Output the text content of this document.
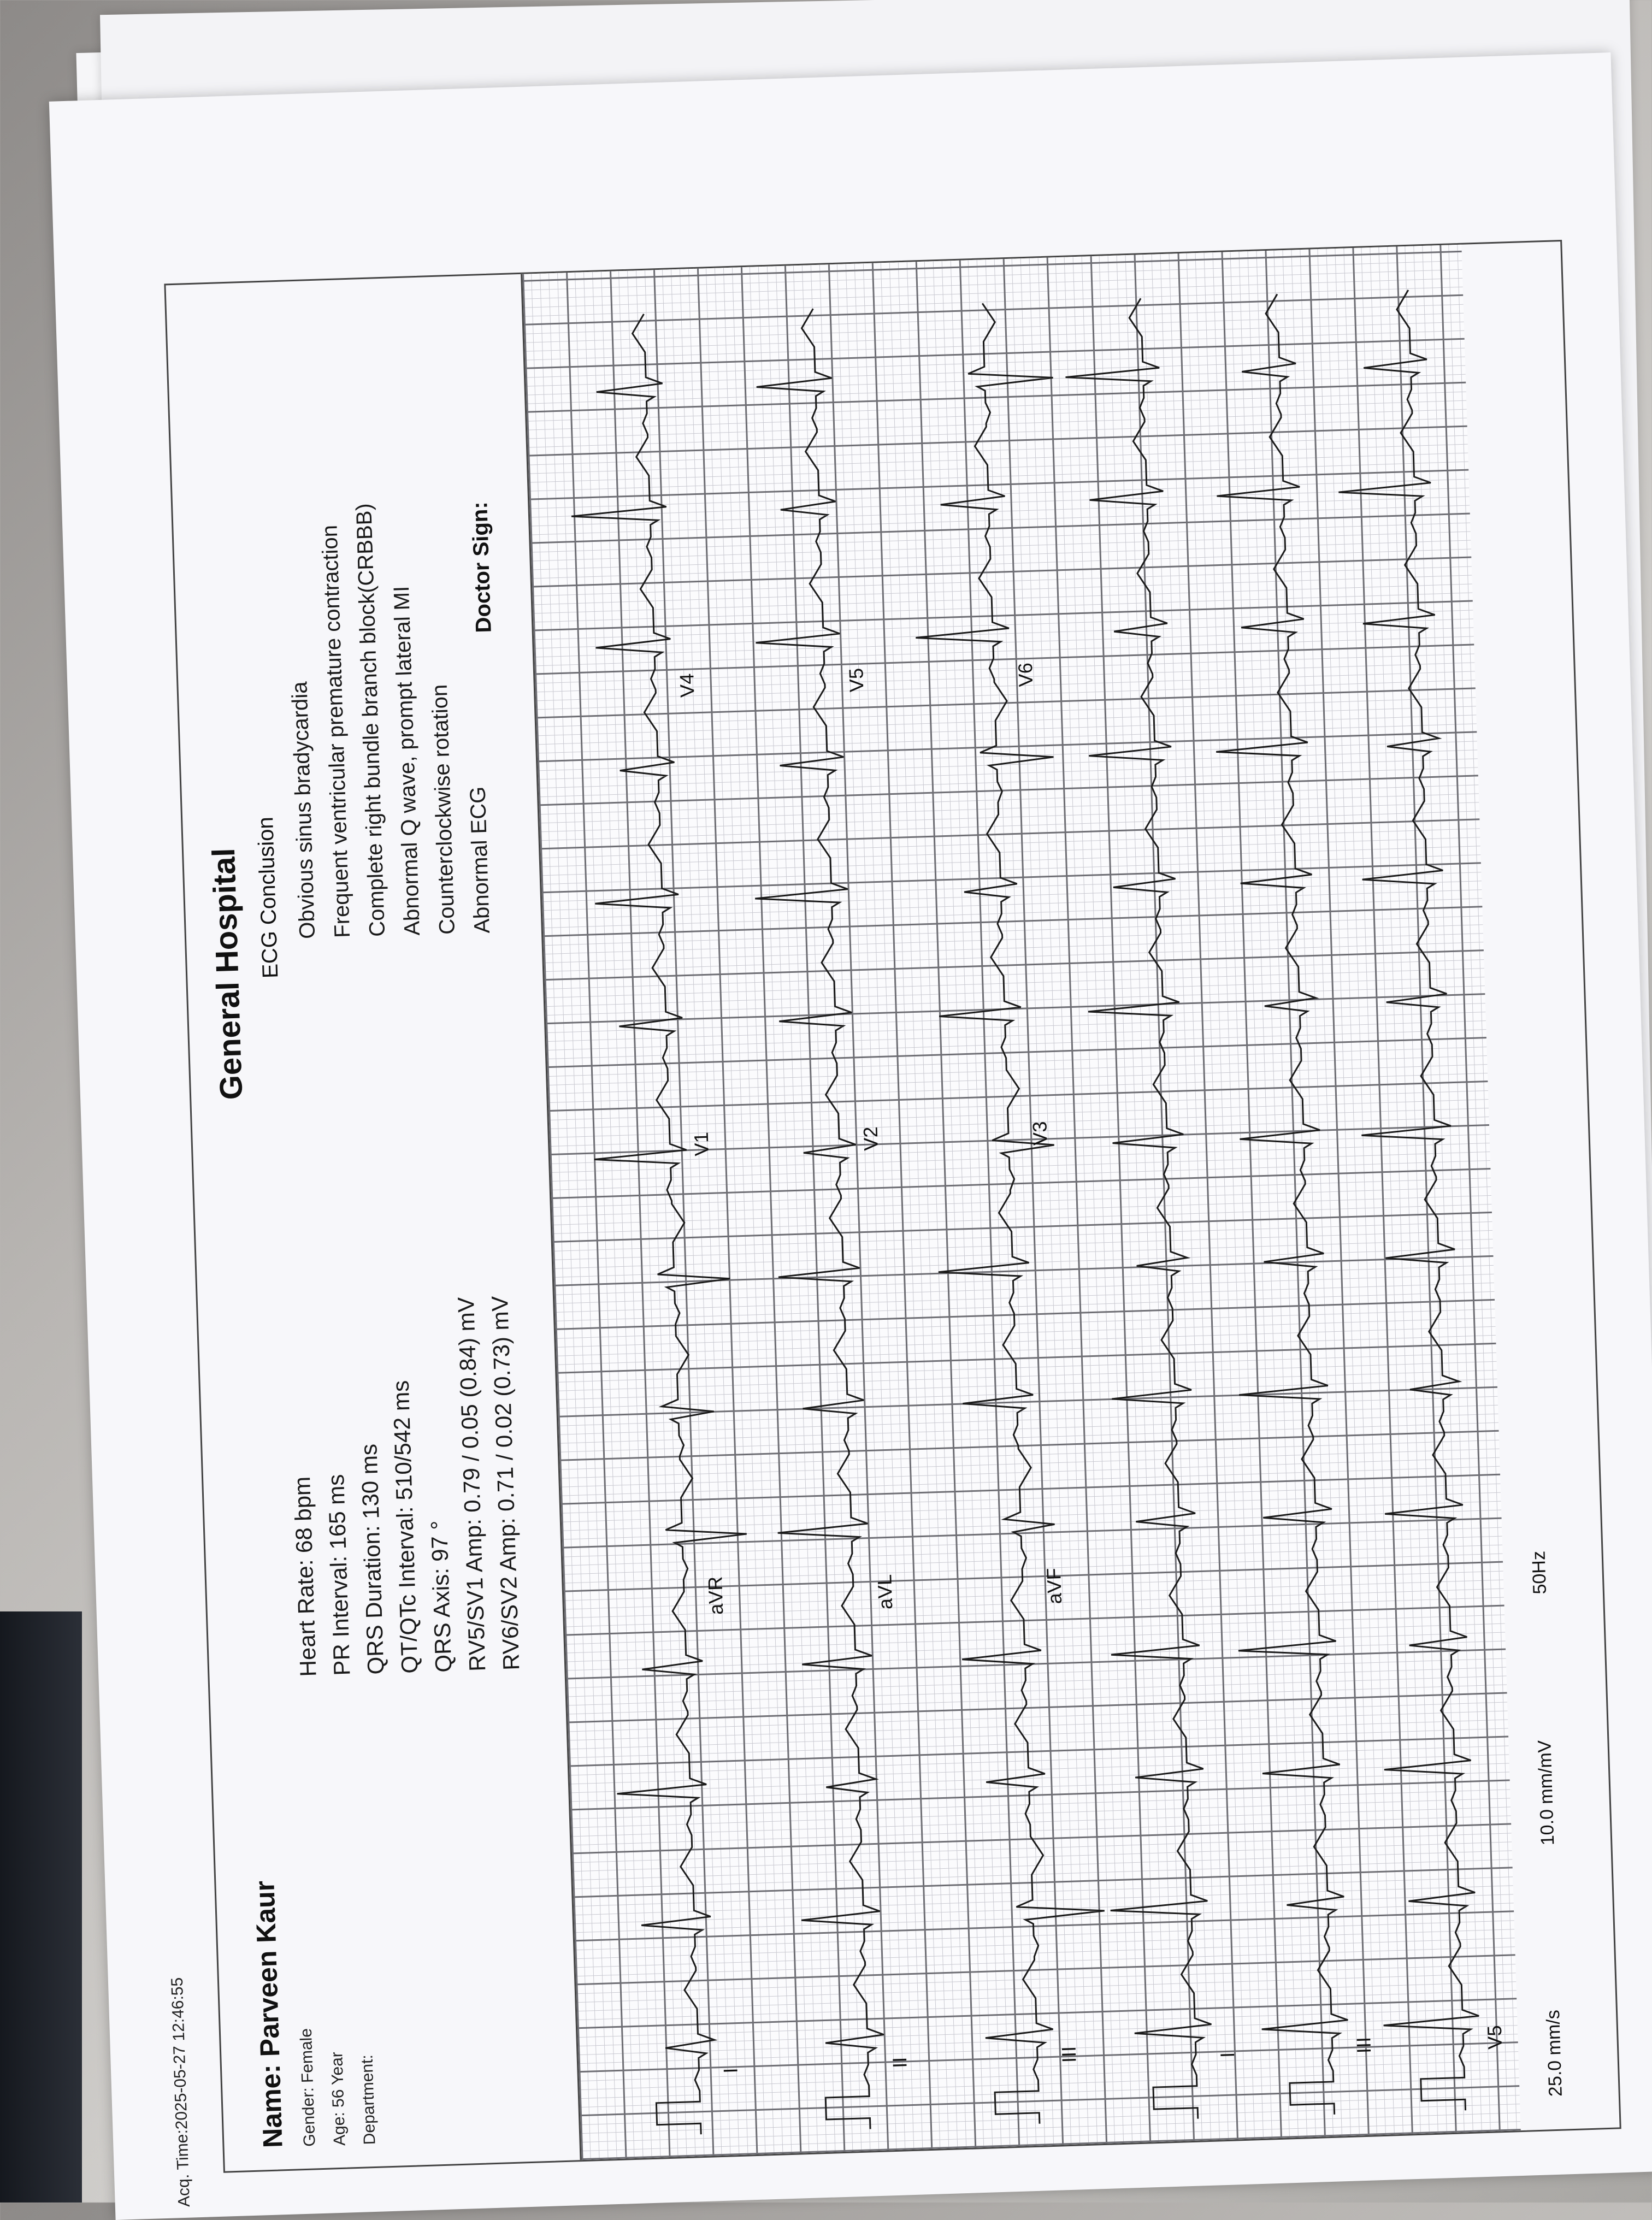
Acq. Time:2025-05-27 12:46:55 Name: Parveen Kaur Gender: Female Age: 56 Year Department:
Heart Rate: 68 bpm PR Interval: 165 ms QRS Duration: 130 ms
QT/QTc Interval: 510/542 ms QRS Axis: 97 °
RV5/SV1 Amp: 0.79 / 0.05 (0.84) mV
RV6/SV2 Amp: 0.71 / 0.02 (0.73) mV
General Hospital ECG Conclusion Obvious sinus bradycardia
Frequent ventricular premature contraction
Complete right bundle branch block(CRBBB) Abnormal Q wave, prompt lateral MI Counterclockwise rotation Abnormal ECG
Doctor Sign:
I
aVR
V1
V4
II
aVL
V2
V5
III
aVF
V3
V6
I
III	V5 25.0 mm/s
10.0 mm/mV
50Hz
